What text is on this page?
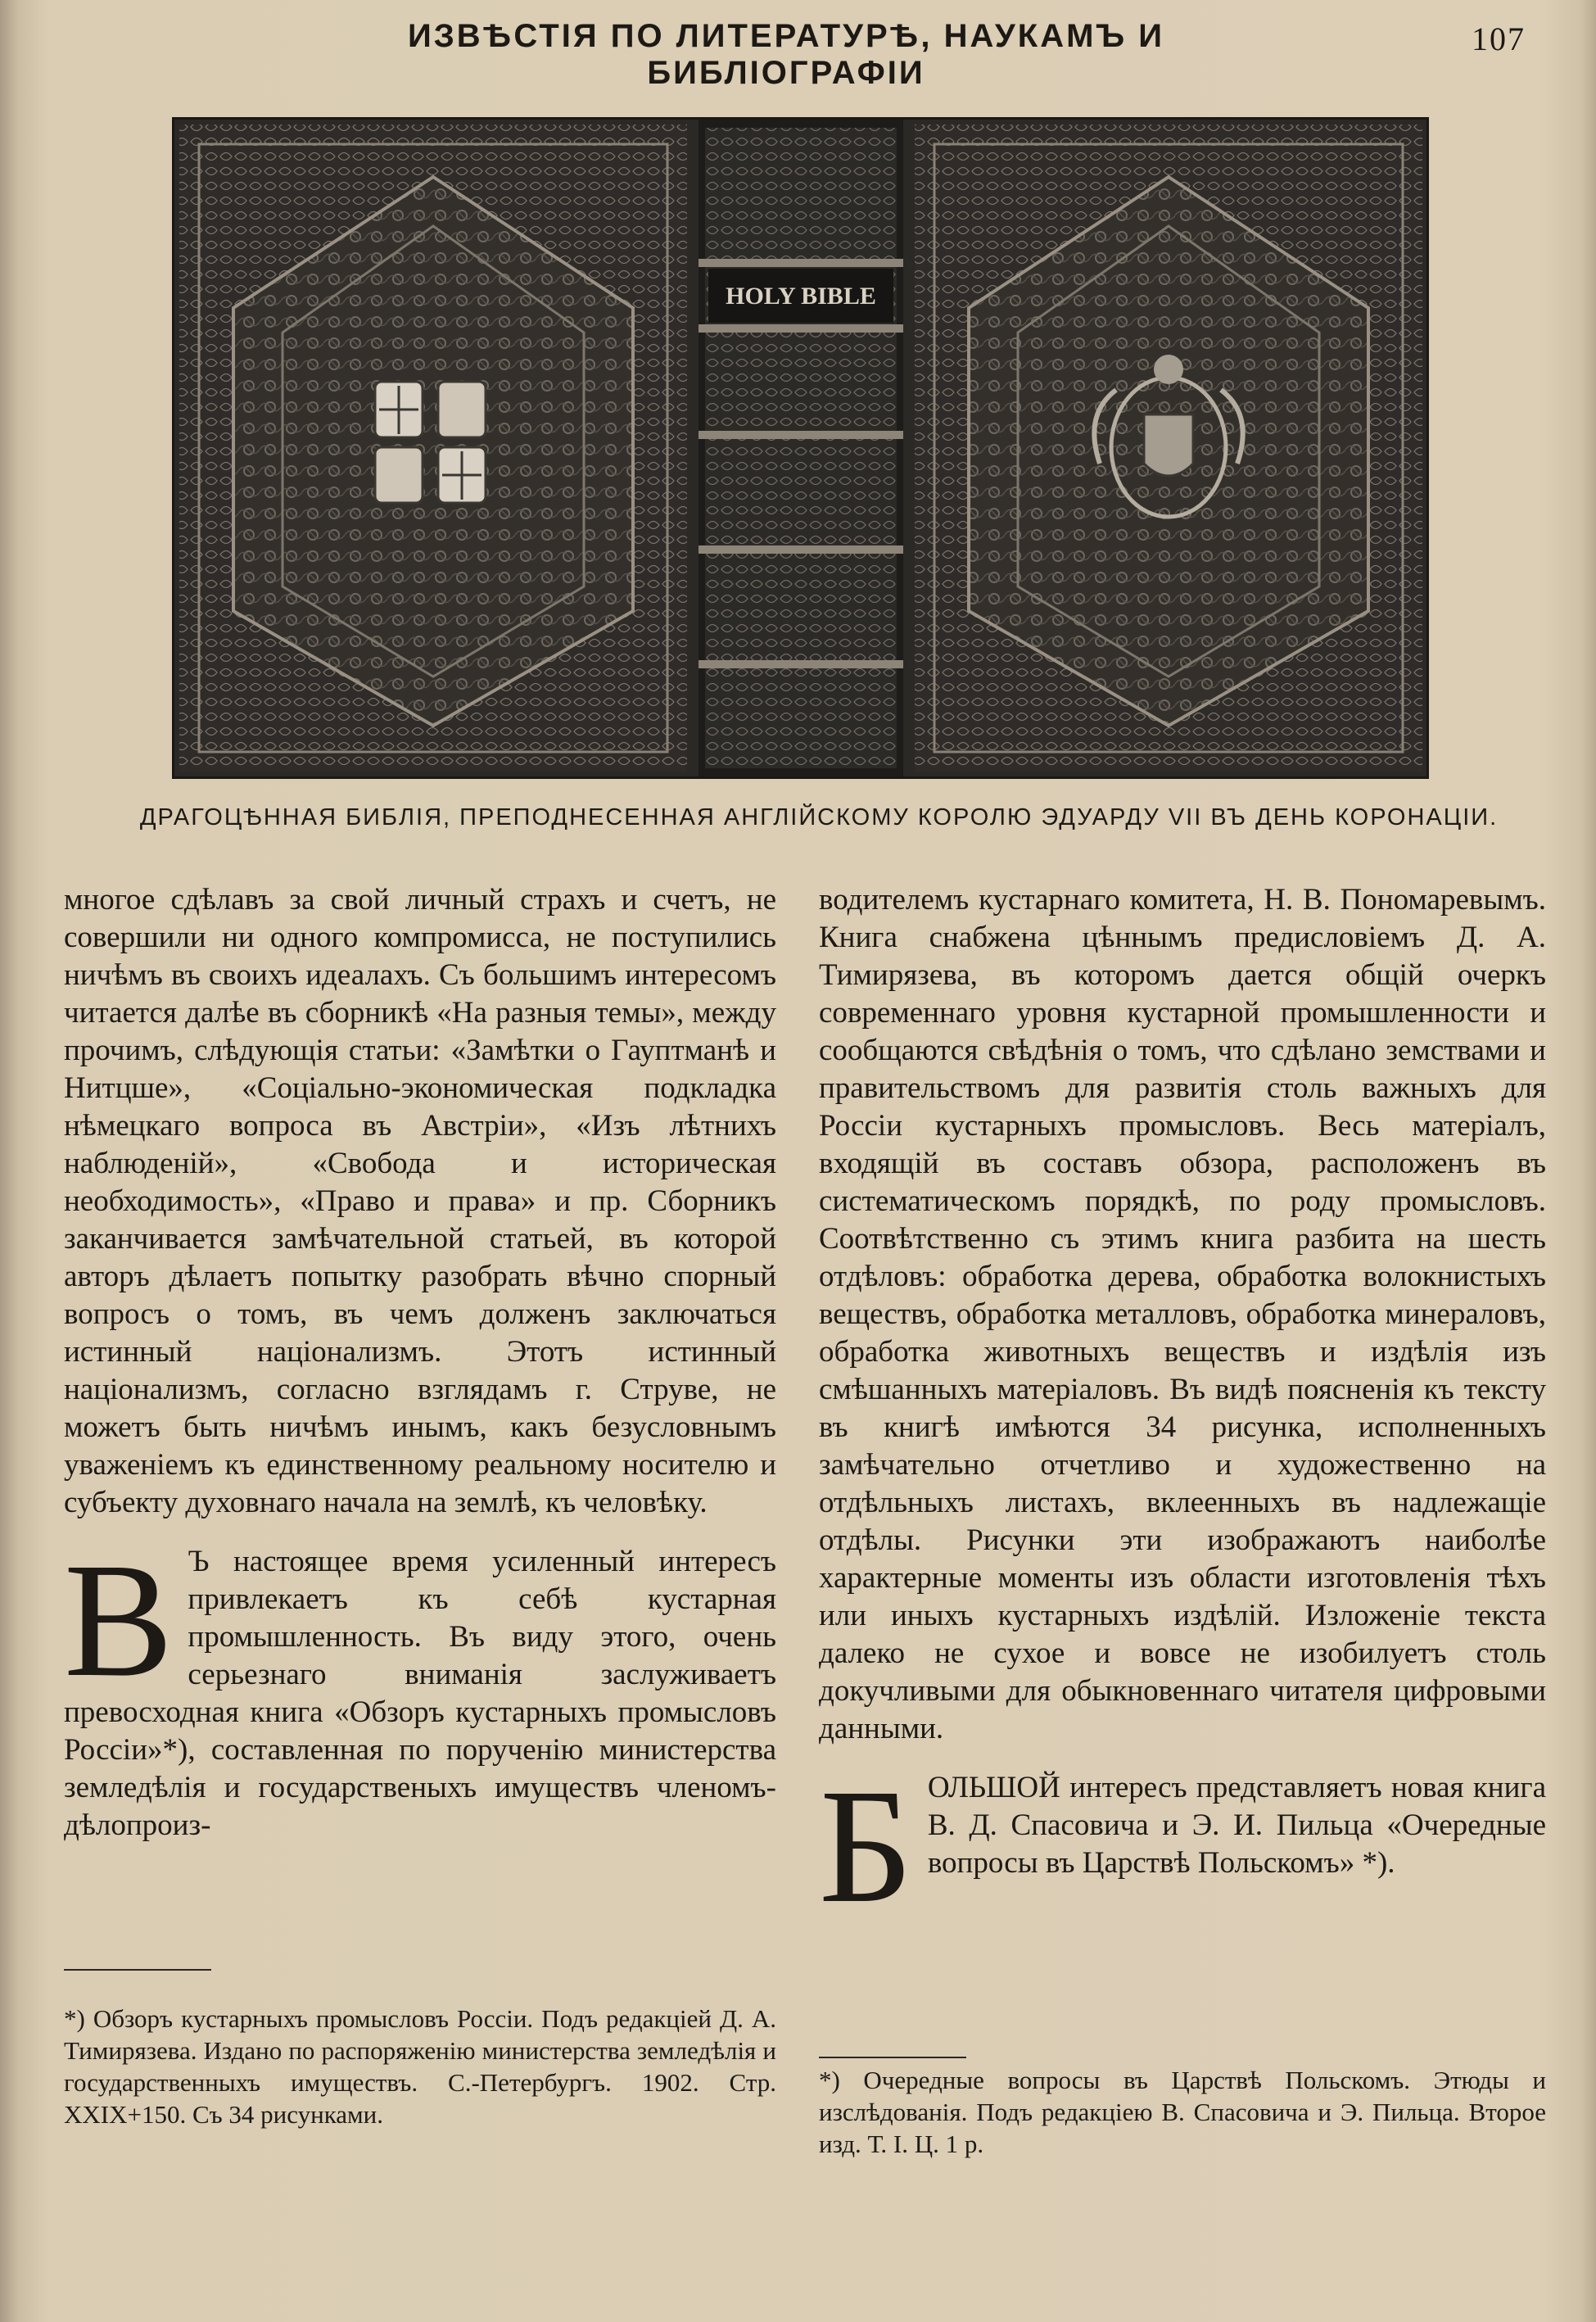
ИЗВѢСТІЯ ПО ЛИТЕРАТУРѢ, НАУКАМЪ И БИБЛІОГРАФІИ
107
HOLY BIBLE
ДРАГОЦѢННАЯ БИБЛІЯ, ПРЕПОДНЕСЕННАЯ АНГЛІЙСКОМУ КОРОЛЮ ЭДУАРДУ VII ВЪ ДЕНЬ КОРОНАЦІИ.

многое сдѣлавъ за свой личный страхъ и счетъ, не совершили ни одного компромисса, не поступились ничѣмъ въ своихъ идеалахъ. Съ большимъ интересомъ читается далѣе въ сборникѣ «На разныя темы», между прочимъ, слѣдующія статьи: «Замѣтки о Гауптманѣ и Нитцше», «Соціально-экономическая подкладка нѣмецкаго вопроса въ Австріи», «Изъ лѣтнихъ наблюденій», «Свобода и историческая необходимость», «Право и права» и пр. Сборникъ заканчивается замѣчательной статьей, въ которой авторъ дѣлаетъ попытку разобрать вѣчно спорный вопросъ о томъ, въ чемъ долженъ заключаться истинный націонализмъ. Этотъ истинный націонализмъ, согласно взглядамъ г. Струве, не можетъ быть ничѣмъ инымъ, какъ безусловнымъ уваженіемъ къ единственному реальному носителю и субъекту духовнаго начала на землѣ, къ человѣку.

В Ъ настоящее время усиленный интересъ привлекаетъ къ себѣ кустарная промышленность. Въ виду этого, очень серьезнаго вниманія заслуживаетъ превосходная книга «Обзоръ кустарныхъ промысловъ Россіи»*), составленная по порученію министерства земледѣлія и государственыхъ имуществъ членомъ-дѣлопроиз-

водителемъ кустарнаго комитета, Н. В. Пономаревымъ. Книга снабжена цѣннымъ предисловіемъ Д. А. Тимирязева, въ которомъ дается общій очеркъ современнаго уровня кустарной промышленности и сообщаются свѣдѣнія о томъ, что сдѣлано земствами и правительствомъ для развитія столь важныхъ для Россіи кустарныхъ промысловъ. Весь матеріалъ, входящій въ составъ обзора, расположенъ въ систематическомъ порядкѣ, по роду промысловъ. Соотвѣтственно съ этимъ книга разбита на шесть отдѣловъ: обработка дерева, обработка волокнистыхъ веществъ, обработка металловъ, обработка минераловъ, обработка животныхъ веществъ и издѣлія изъ смѣшанныхъ матеріаловъ. Въ видѣ поясненія къ тексту въ книгѣ имѣются 34 рисунка, исполненныхъ замѣчательно отчетливо и художественно на отдѣльныхъ листахъ, вклеенныхъ въ надлежащіе отдѣлы. Рисунки эти изображаютъ наиболѣе характерные моменты изъ области изготовленія тѣхъ или иныхъ кустарныхъ издѣлій. Изложеніе текста далеко не сухое и вовсе не изобилуетъ столь докучливыми для обыкновеннаго читателя цифровыми данными.

БОЛЬШОЙ интересъ представляетъ новая книга В. Д. Спасовича и Э. И. Пильца «Очередные вопросы въ Царствѣ Польскомъ» *).

*) Обзоръ кустарныхъ промысловъ Россіи. Подъ редакціей Д. А. Тимирязева. Издано по распоряженію министерства земледѣлія и государственныхъ имуществъ. С.-Петербургъ. 1902. Стр. XXIX+150. Съ 34 рисунками.
*) Очередные вопросы въ Царствѣ Польскомъ. Этюды и изслѣдованія. Подъ редакціею В. Спасовича и Э. Пильца. Второе изд. Т. I. Ц. 1 р.
